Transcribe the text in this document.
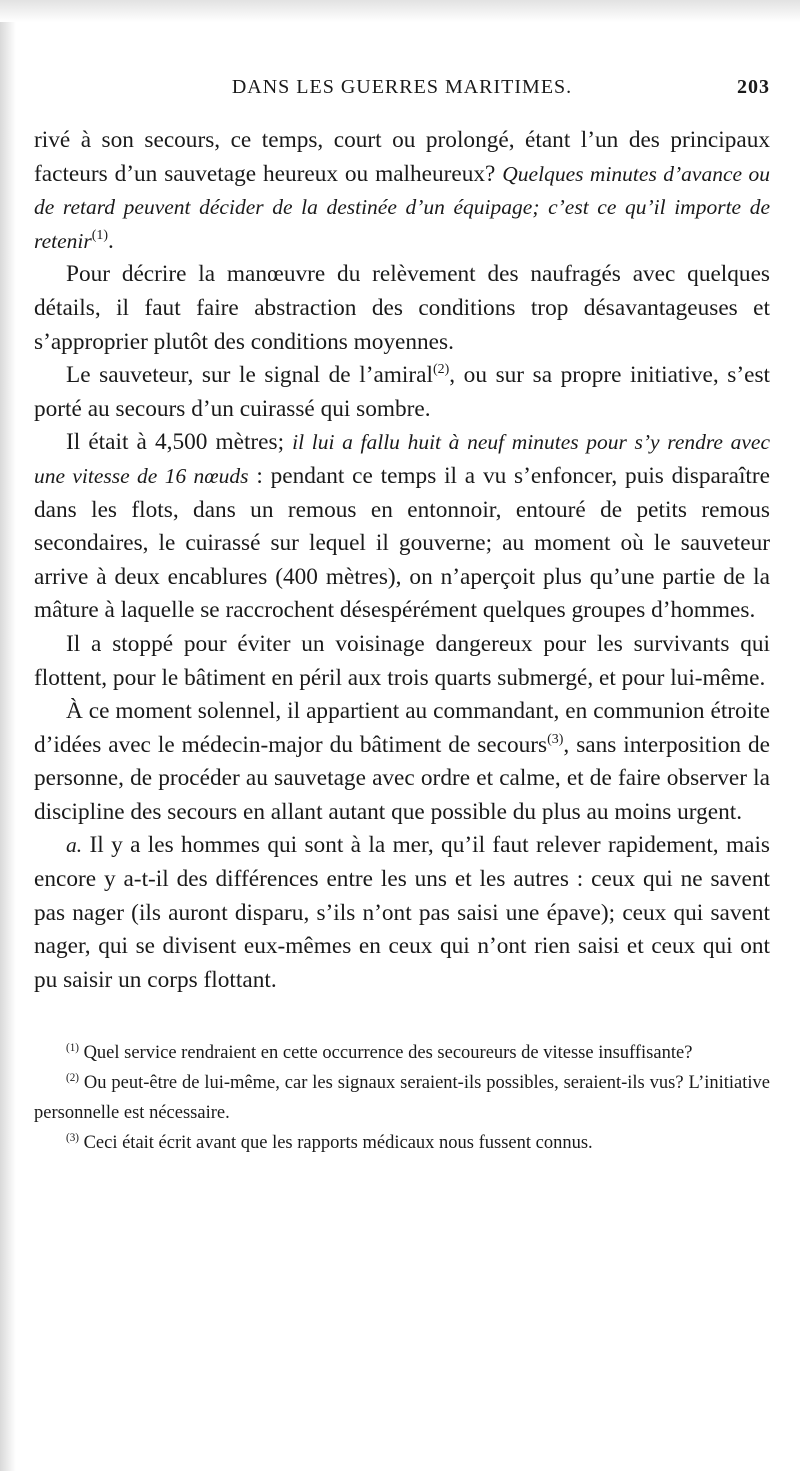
DANS LES GUERRES MARITIMES.	203

rivé à son secours, ce temps, court ou prolongé, étant l’un des principaux facteurs d’un sauvetage heureux ou malheureux? Quelques minutes d’avance ou de retard peuvent décider de la destinée d’un équipage; c’est ce qu’il importe de retenir$^{(1)}$.

Pour décrire la manœuvre du relèvement des naufragés avec quelques détails, il faut faire abstraction des conditions trop désavantageuses et s’approprier plutôt des conditions moyennes.

Le sauveteur, sur le signal de l’amiral$^{(2)}$, ou sur sa propre initiative, s’est porté au secours d’un cuirassé qui sombre.

Il était à 4,500 mètres; il lui a fallu huit à neuf minutes pour s’y rendre avec une vitesse de 16 nœuds : pendant ce temps il a vu s’enfoncer, puis disparaître dans les flots, dans un remous en entonnoir, entouré de petits remous secondaires, le cuirassé sur lequel il gouverne; au moment où le sauveteur arrive à deux encablures (400 mètres), on n’aperçoit plus qu’une partie de la mâture à laquelle se raccrochent désespérément quelques groupes d’hommes.

Il a stoppé pour éviter un voisinage dangereux pour les survivants qui flottent, pour le bâtiment en péril aux trois quarts submergé, et pour lui-même.

À ce moment solennel, il appartient au commandant, en communion étroite d’idées avec le médecin-major du bâtiment de secours$^{(3)}$, sans interposition de personne, de procéder au sauvetage avec ordre et calme, et de faire observer la discipline des secours en allant autant que possible du plus au moins urgent.

a. Il y a les hommes qui sont à la mer, qu’il faut relever rapidement, mais encore y a-t-il des différences entre les uns et les autres : ceux qui ne savent pas nager (ils auront disparu, s’ils n’ont pas saisi une épave); ceux qui savent nager, qui se divisent eux-mêmes en ceux qui n’ont rien saisi et ceux qui ont pu saisir un corps flottant.

$^{(1)}$ Quel service rendraient en cette occurrence des secoureurs de vitesse insuffisante?

$^{(2)}$ Ou peut-être de lui-même, car les signaux seraient-ils possibles, seraient-ils vus? L’initiative personnelle est nécessaire.

$^{(3)}$ Ceci était écrit avant que les rapports médicaux nous fussent connus.
